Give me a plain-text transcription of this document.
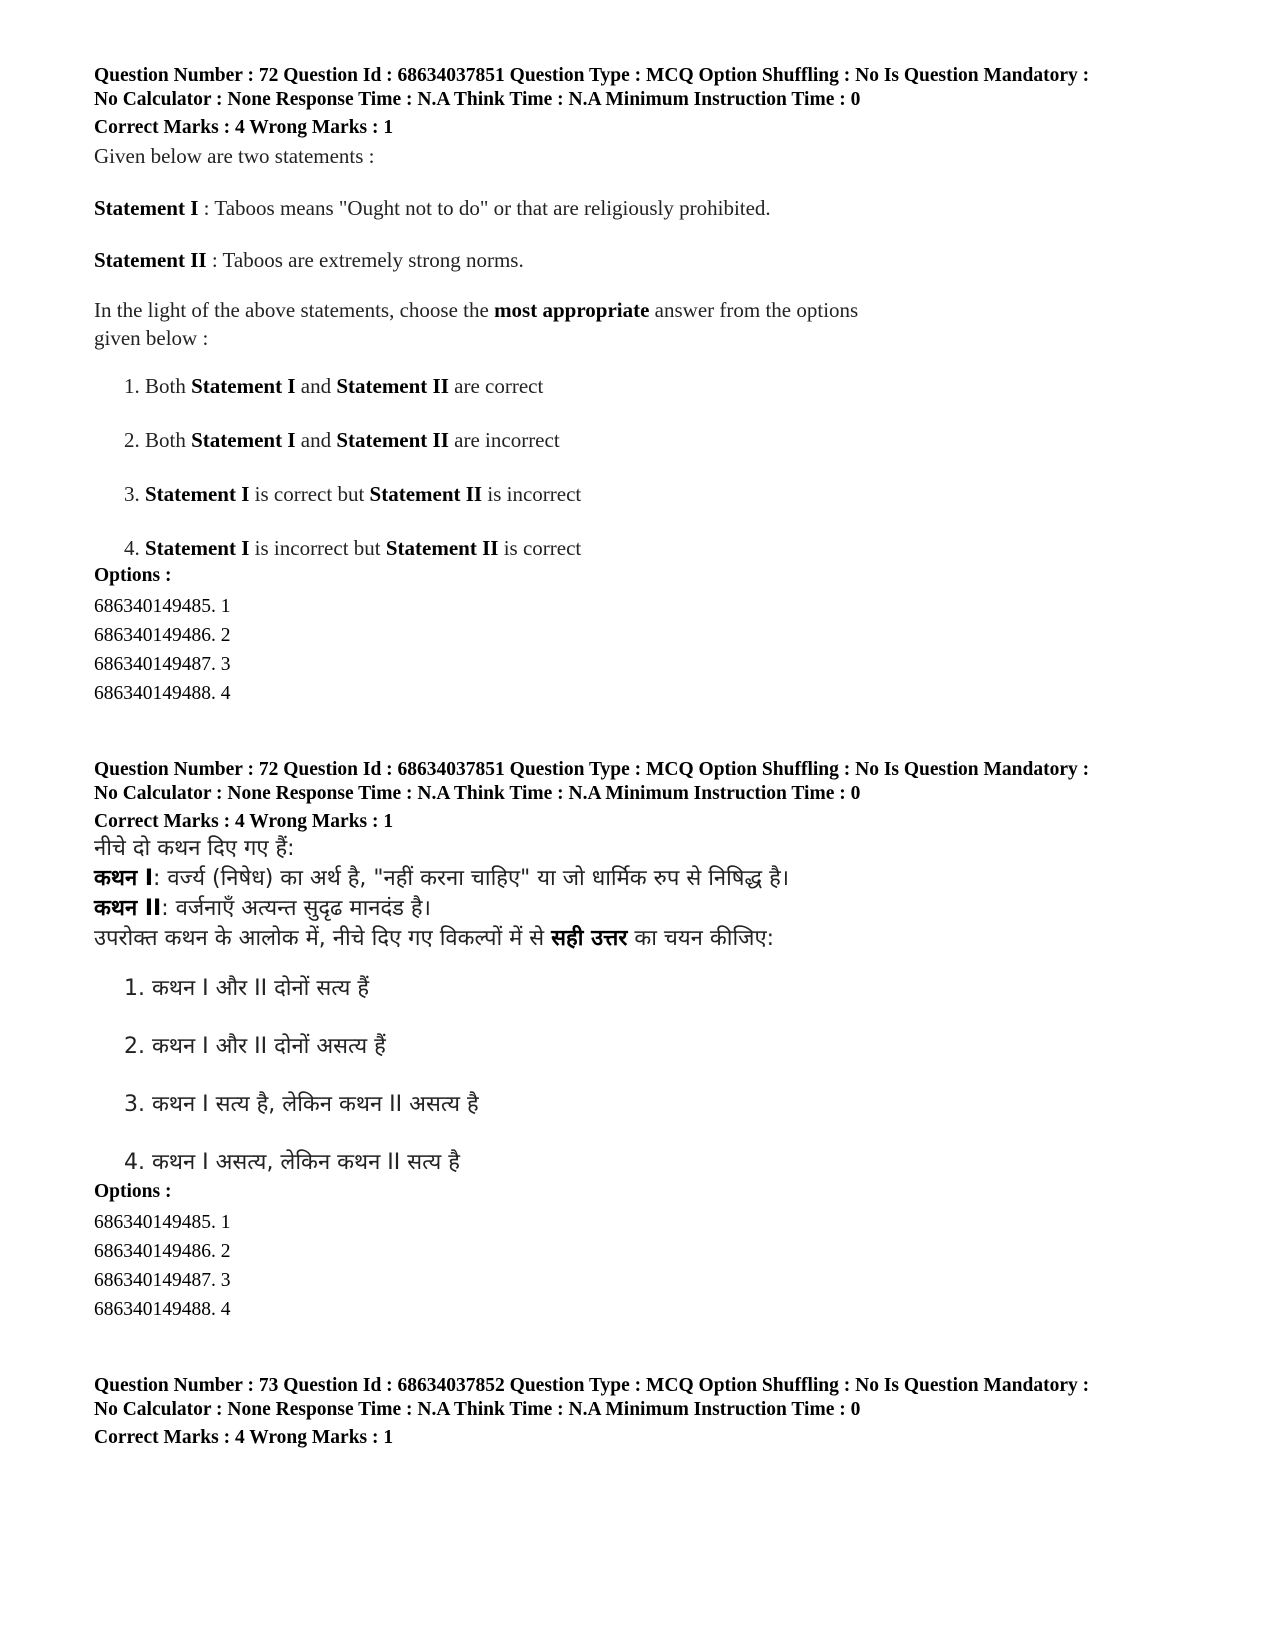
Question Number : 72 Question Id : 68634037851 Question Type : MCQ Option Shuffling : No Is Question Mandatory :

No Calculator : None Response Time : N.A Think Time : N.A Minimum Instruction Time : 0

Correct Marks : 4 Wrong Marks : 1

Given below are two statements :

Statement I : Taboos means "Ought not to do" or that are religiously prohibited.

Statement II : Taboos are extremely strong norms.

In the light of the above statements, choose the most appropriate answer from the options given below :

1. Both Statement I and Statement II are correct

2. Both Statement I and Statement II are incorrect

3. Statement I is correct but Statement II is incorrect

4. Statement I is incorrect but Statement II is correct

Options :

686340149485. 1

686340149486. 2

686340149487. 3

686340149488. 4

Question Number : 72 Question Id : 68634037851 Question Type : MCQ Option Shuffling : No Is Question Mandatory :

No Calculator : None Response Time : N.A Think Time : N.A Minimum Instruction Time : 0

Correct Marks : 4 Wrong Marks : 1

नीचे दो कथन दिए गए हैं:

कथन I: वर्ज्य (निषेध) का अर्थ है, "नहीं करना चाहिए" या जो धार्मिक रुप से निषिद्ध है।

कथन II: वर्जनाएँ अत्यन्त सुदृढ मानदंड है।

उपरोक्त कथन के आलोक में, नीचे दिए गए विकल्पों में से सही उत्तर का चयन कीजिए:

1. कथन I और II दोनों सत्य हैं

2. कथन I और II दोनों असत्य हैं

3. कथन I सत्य है, लेकिन कथन II असत्य है

4. कथन I असत्य, लेकिन कथन II सत्य है

Options :

686340149485. 1

686340149486. 2

686340149487. 3

686340149488. 4

Question Number : 73 Question Id : 68634037852 Question Type : MCQ Option Shuffling : No Is Question Mandatory :

No Calculator : None Response Time : N.A Think Time : N.A Minimum Instruction Time : 0

Correct Marks : 4 Wrong Marks : 1
